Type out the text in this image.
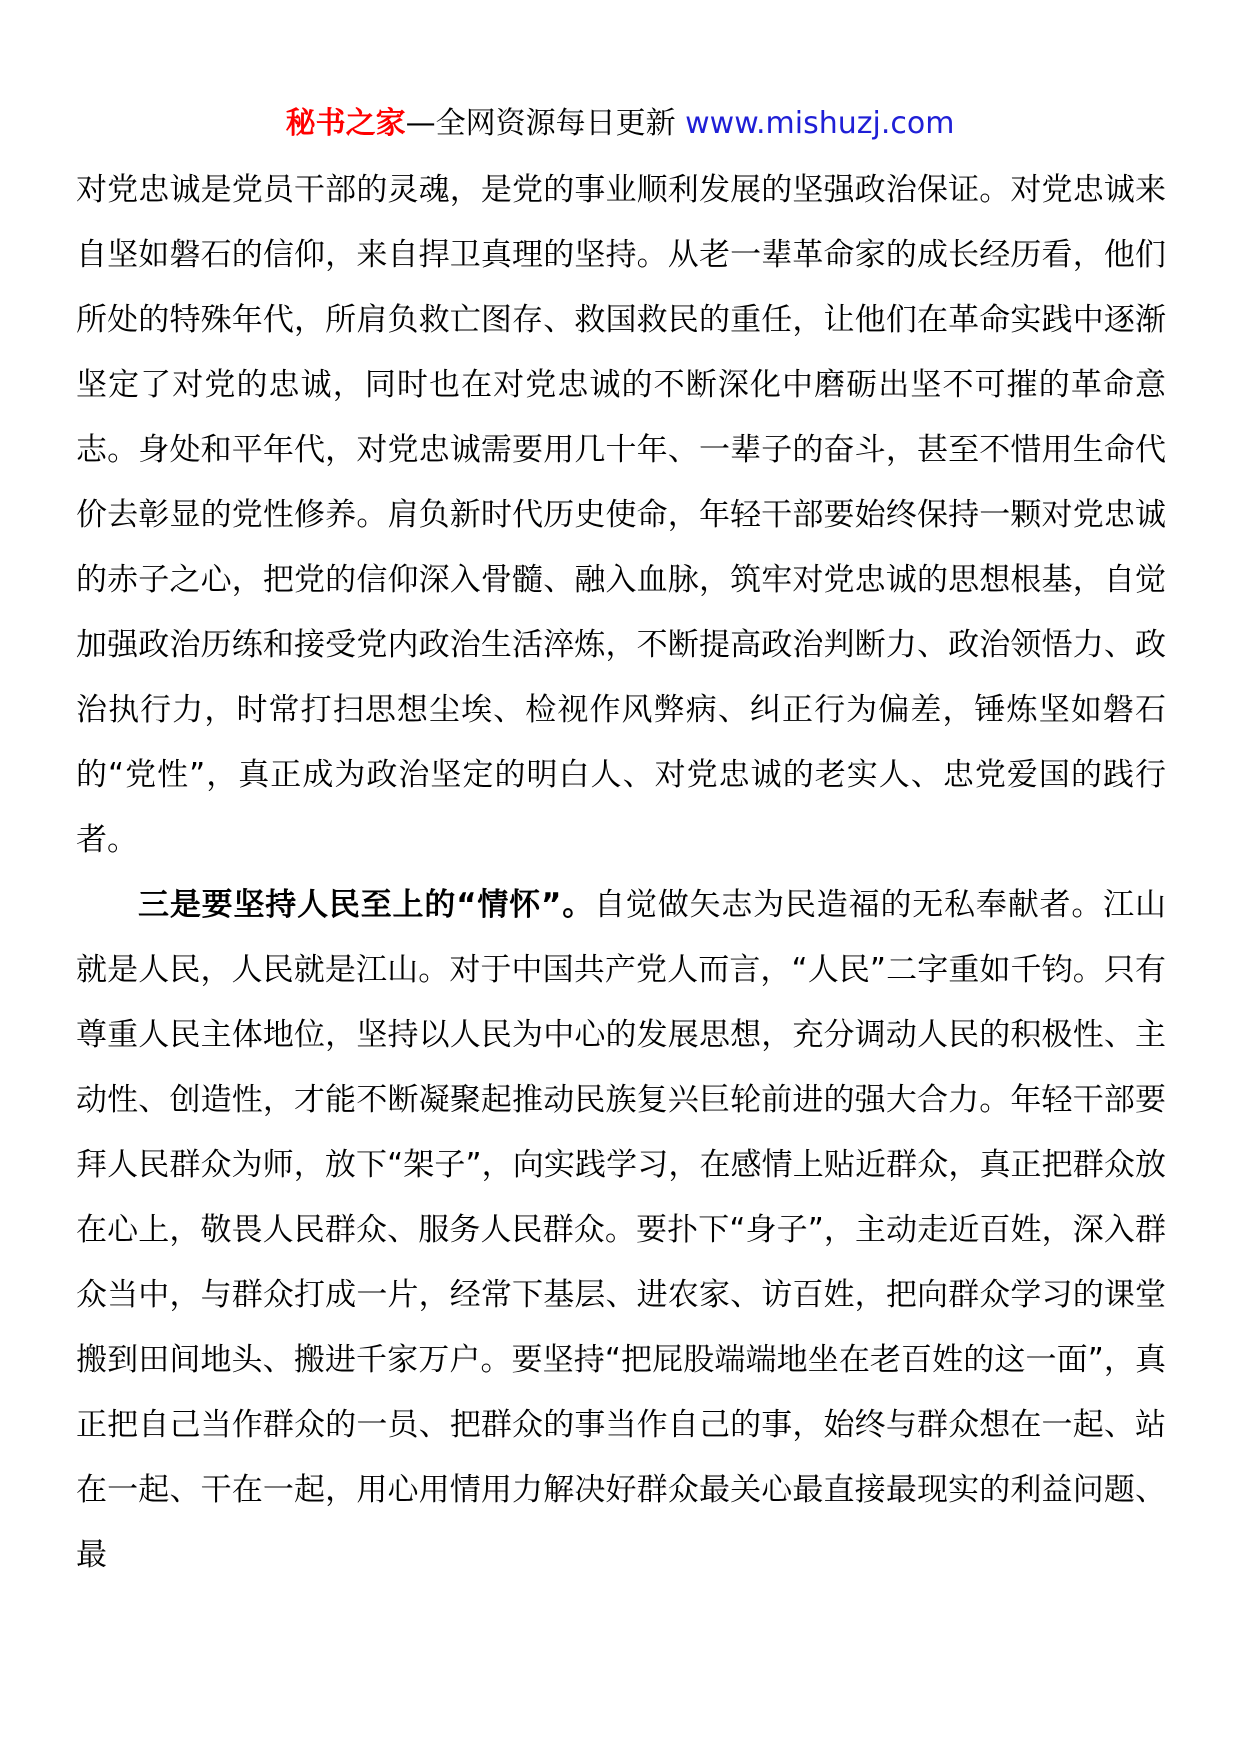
秘书之家—全网资源每日更新 www.mishuzj.com

对党忠诚是党员干部的灵魂，是党的事业顺利发展的坚强政治保证。对党忠诚来自坚如磐石的信仰，来自捍卫真理的坚持。从老一辈革命家的成长经历看，他们所处的特殊年代，所肩负救亡图存、救国救民的重任，让他们在革命实践中逐渐坚定了对党的忠诚，同时也在对党忠诚的不断深化中磨砺出坚不可摧的革命意志。身处和平年代，对党忠诚需要用几十年、一辈子的奋斗，甚至不惜用生命代价去彰显的党性修养。肩负新时代历史使命，年轻干部要始终保持一颗对党忠诚的赤子之心，把党的信仰深入骨髓、融入血脉，筑牢对党忠诚的思想根基，自觉加强政治历练和接受党内政治生活淬炼，不断提高政治判断力、政治领悟力、政治执行力，时常打扫思想尘埃、检视作风弊病、纠正行为偏差，锤炼坚如磐石的“党性”，真正成为政治坚定的明白人、对党忠诚的老实人、忠党爱国的践行者。

三是要坚持人民至上的“情怀”。自觉做矢志为民造福的无私奉献者。江山就是人民，人民就是江山。对于中国共产党人而言，“人民”二字重如千钧。只有尊重人民主体地位，坚持以人民为中心的发展思想，充分调动人民的积极性、主动性、创造性，才能不断凝聚起推动民族复兴巨轮前进的强大合力。年轻干部要拜人民群众为师，放下“架子”，向实践学习，在感情上贴近群众，真正把群众放在心上，敬畏人民群众、服务人民群众。要扑下“身子”，主动走近百姓，深入群众当中，与群众打成一片，经常下基层、进农家、访百姓，把向群众学习的课堂搬到田间地头、搬进千家万户。要坚持“把屁股端端地坐在老百姓的这一面”，真正把自己当作群众的一员、把群众的事当作自己的事，始终与群众想在一起、站在一起、干在一起，用心用情用力解决好群众最关心最直接最现实的利益问题、最
